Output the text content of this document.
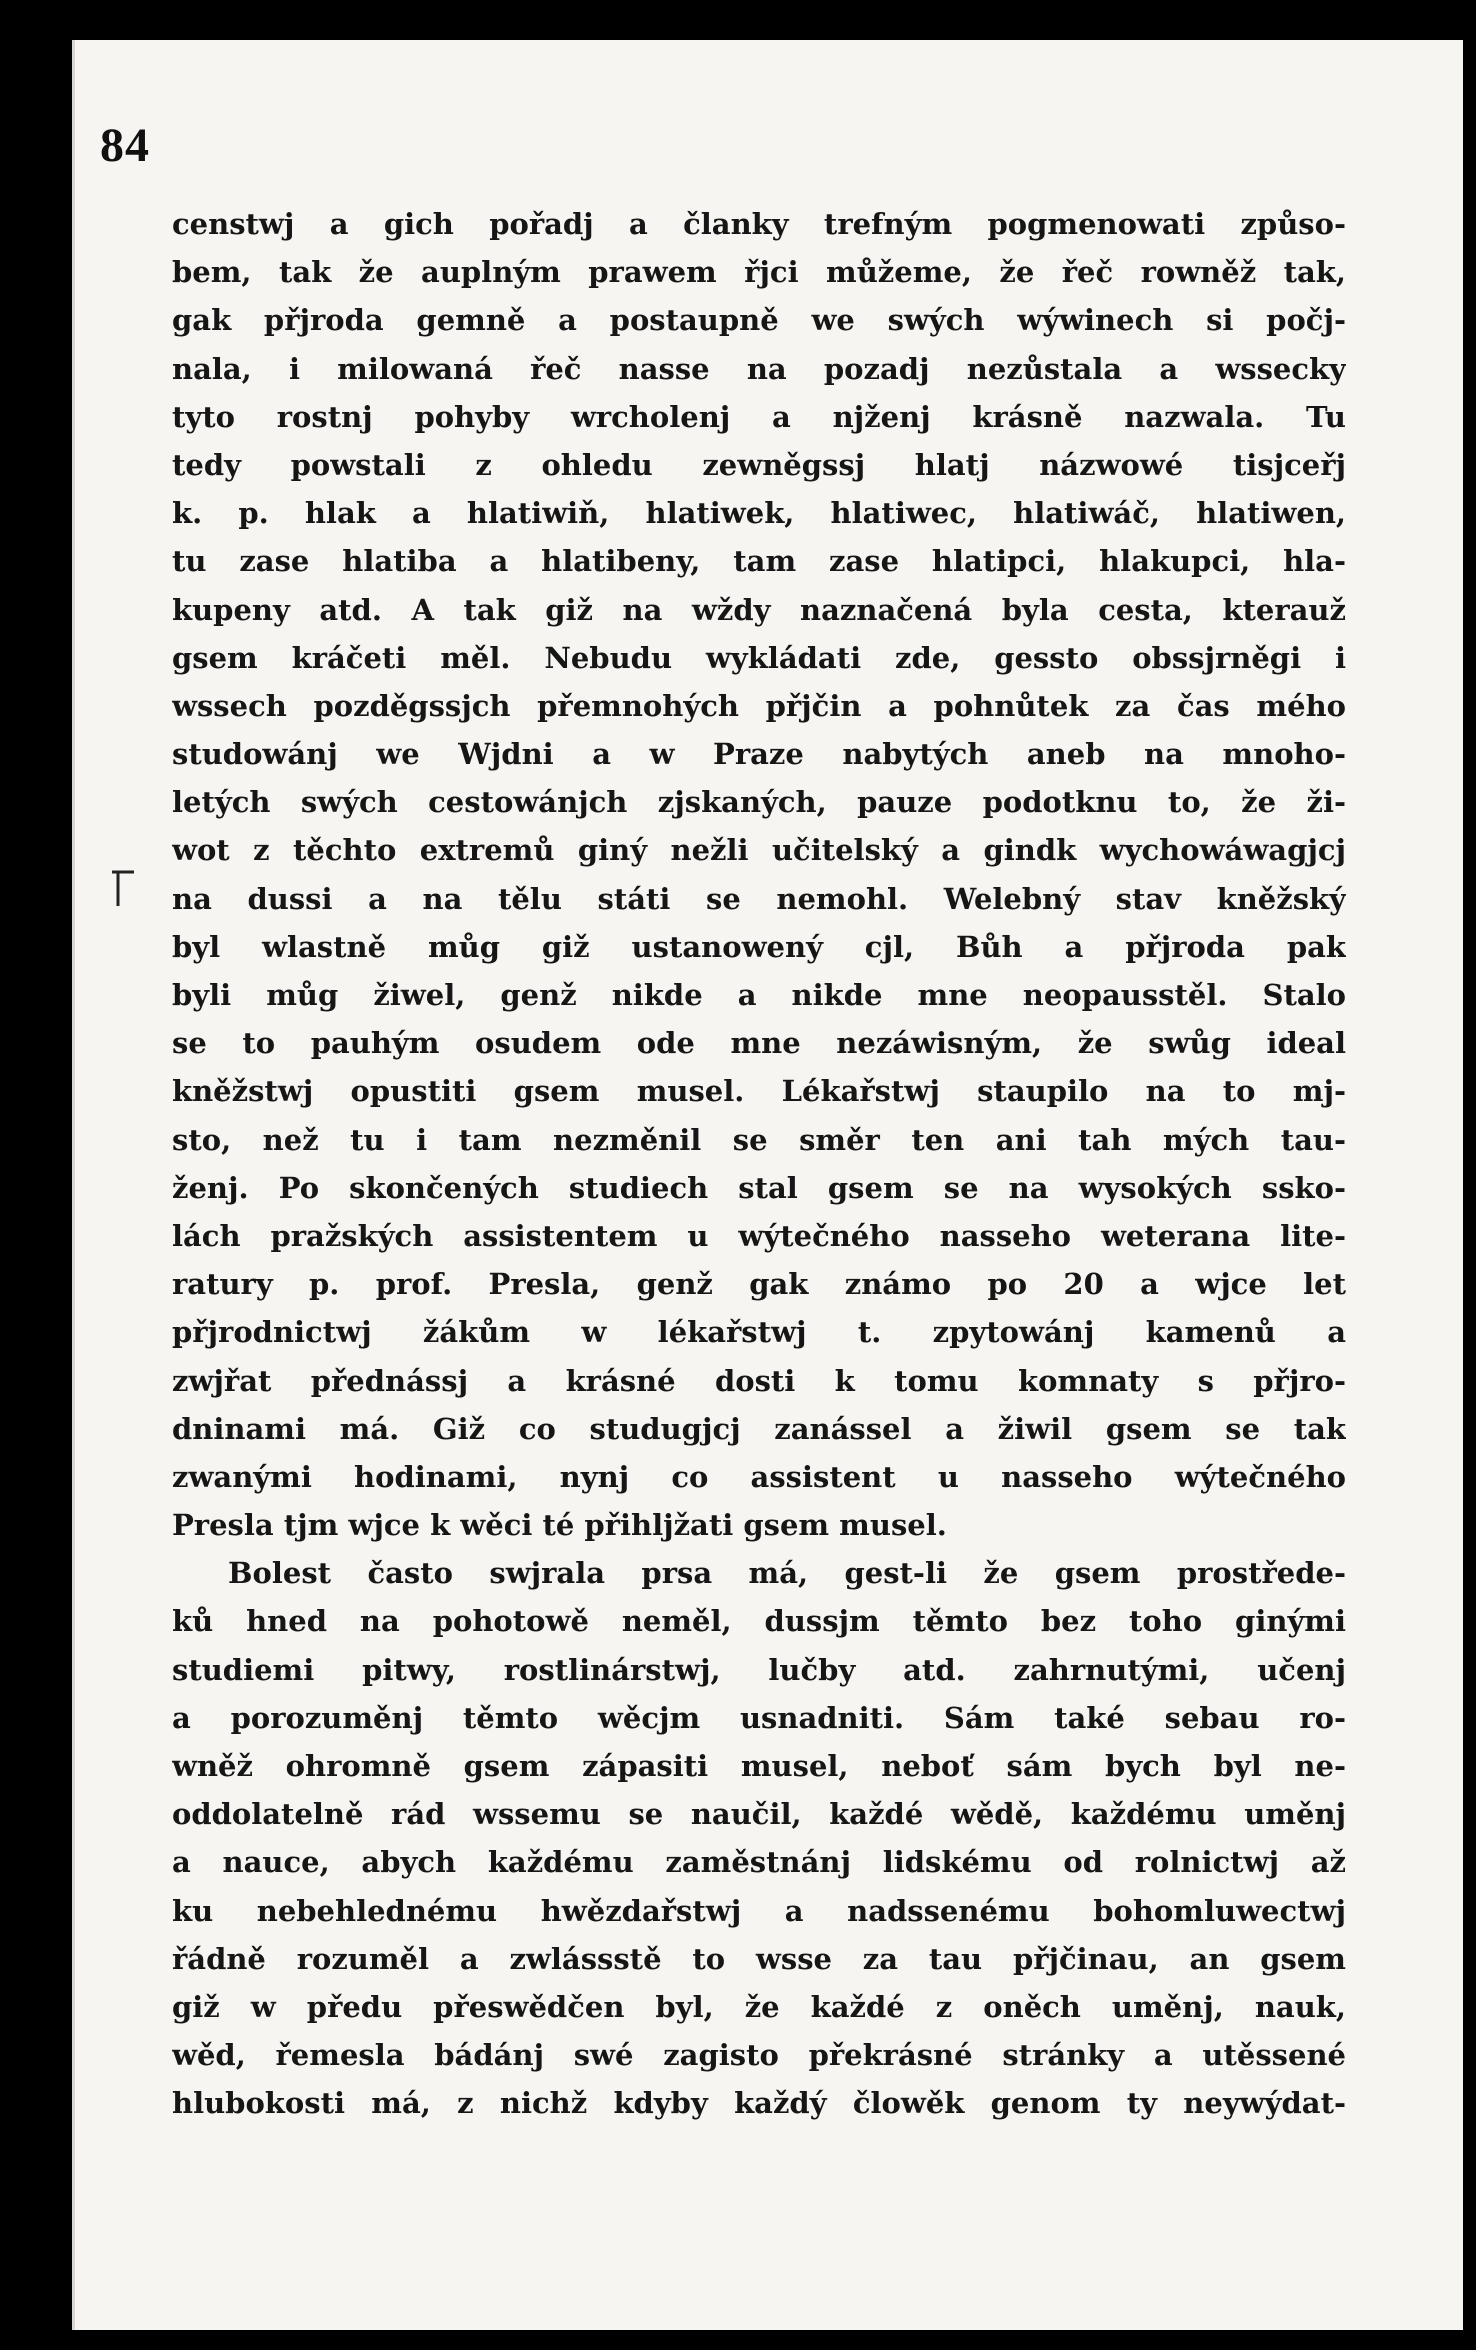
84
censtwj a gich pořadj a članky trefným pogmenowati způso-
bem, tak že auplným prawem řjci můžeme, že řeč rowněž tak,
gak přjroda gemně a postaupně we swých wýwinech si počj-
nala, i milowaná řeč nasse na pozadj nezůstala a wssecky
tyto rostnj pohyby wrcholenj a njženj krásně nazwala. Tu
tedy powstali z ohledu zewněgssj hlatj názwowé tisjceřj
k. p. hlak a hlatiwiň, hlatiwek, hlatiwec, hlatiwáč, hlatiwen,
tu zase hlatiba a hlatibeny, tam zase hlatipci, hlakupci, hla-
kupeny atd. A tak giž na wždy naznačená byla cesta, kterauž
gsem kráčeti měl. Nebudu wykládati zde, gessto obssjrněgi i
wssech pozděgssjch přemnohých přjčin a pohnůtek za čas mého
studowánj we Wjdni a w Praze nabytých aneb na mnoho-
letých swých cestowánjch zjskaných, pauze podotknu to, že ži-
wot z těchto extremů giný nežli učitelský a gindk wychowáwagjcj
na dussi a na tělu státi se nemohl. Welebný stav kněžský
byl wlastně můg giž ustanowený cjl, Bůh a přjroda pak
byli můg žiwel, genž nikde a nikde mne neopausstěl. Stalo
se to pauhým osudem ode mne nezáwisným, že swůg ideal
kněžstwj opustiti gsem musel. Lékařstwj staupilo na to mj-
sto, než tu i tam nezměnil se směr ten ani tah mých tau-
ženj. Po skončených studiech stal gsem se na wysokých ssko-
lách pražských assistentem u wýtečného nasseho weterana lite-
ratury p. prof. Presla, genž gak známo po 20 a wjce let
přjrodnictwj žákům w lékařstwj t. zpytowánj kamenů a
zwjřat přednássj a krásné dosti k tomu komnaty s přjro-
dninami má. Giž co studugjcj zanássel a žiwil gsem se tak
zwanými hodinami, nynj co assistent u nasseho wýtečného
Presla tjm wjce k wěci té přihljžati gsem musel.
Bolest často swjrala prsa má, gest-li že gsem prostřede-
ků hned na pohotowě neměl, dussjm těmto bez toho ginými
studiemi pitwy, rostlinárstwj, lučby atd. zahrnutými, učenj
a porozuměnj těmto wěcjm usnadniti. Sám také sebau ro-
wněž ohromně gsem zápasiti musel, neboť sám bych byl ne-
oddolatelně rád wssemu se naučil, každé wědě, každému uměnj
a nauce, abych každému zaměstnánj lidskému od rolnictwj až
ku nebehlednému hwězdařstwj a nadssenému bohomluwectwj
řádně rozuměl a zwlássstě to wsse za tau přjčinau, an gsem
giž w předu přeswědčen byl, že každé z oněch uměnj, nauk,
wěd, řemesla bádánj swé zagisto překrásné stránky a utěssené
hlubokosti má, z nichž kdyby každý člowěk genom ty neywýdat-
